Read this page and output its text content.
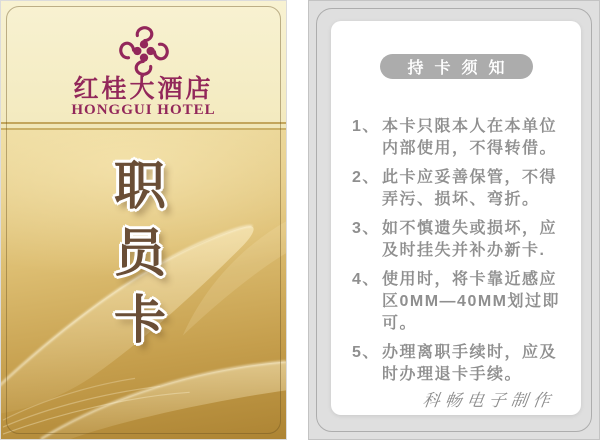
红桂大酒店
HONGGUI HOTEL
职
员
卡
持卡须知
1、 本卡只限本人在本单位
内部使用，不得转借。
2、 此卡应妥善保管，不得
弄污、损坏、弯折。
3、 如不慎遗失或损坏，应
及时挂失并补办新卡.
4、 使用时，将卡靠近感应
区0MM—40MM划过即可。
5、 办理离职手续时，应及
时办理退卡手续。
科畅电子制作
